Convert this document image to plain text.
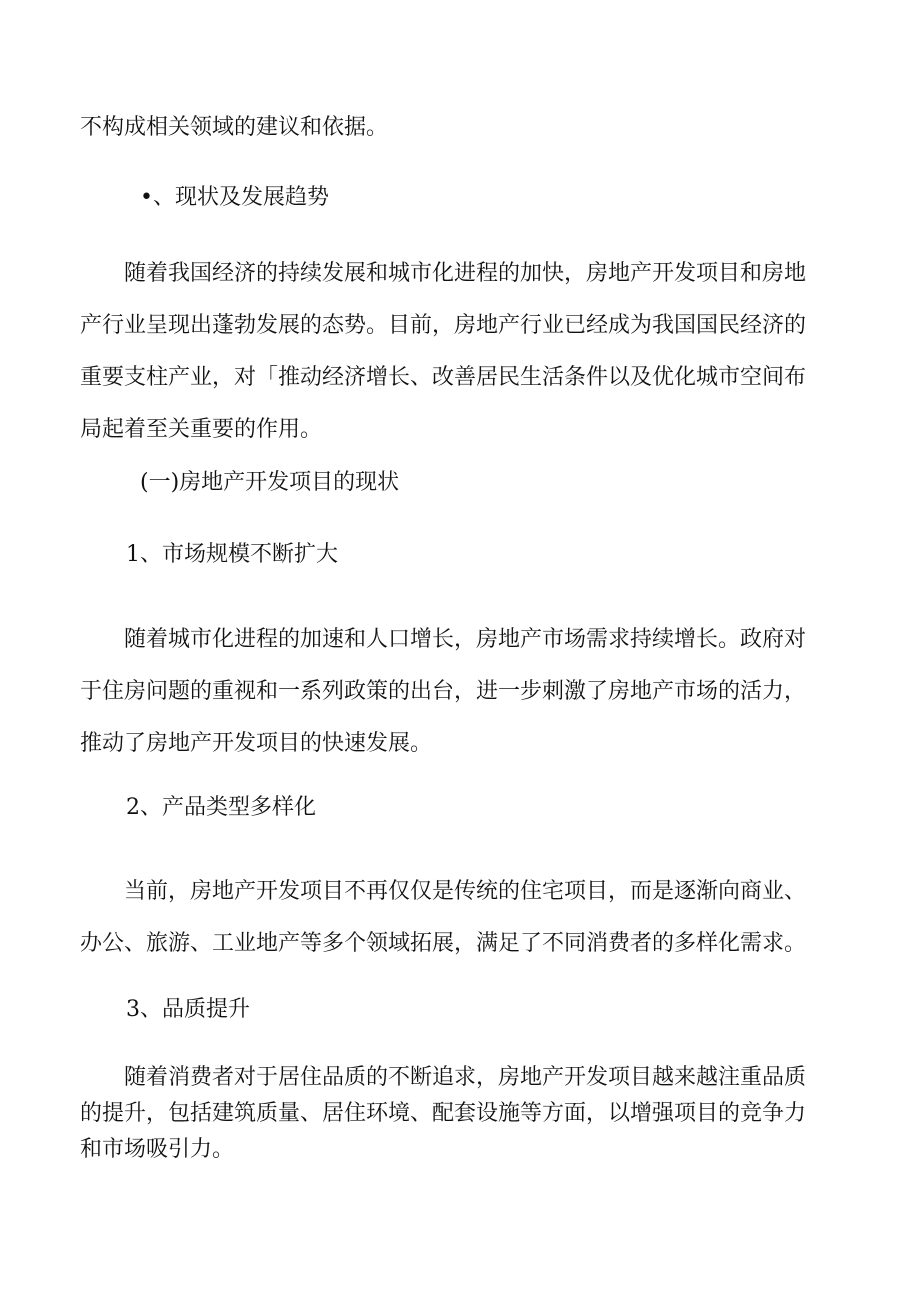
不构成相关领域的建议和依据。
•、现状及发展趋势
随着我国经济的持续发展和城市化进程的加快，房地产开发项目和房地
产行业呈现出蓬勃发展的态势。目前，房地产行业已经成为我国国民经济的
重要支柱产业，对「推动经济增长、改善居民生活条件以及优化城市空间布
局起着至关重要的作用。
(一)房地产开发项目的现状
1、市场规模不断扩大
随着城市化进程的加速和人口增长，房地产市场需求持续增长。政府对
于住房问题的重视和一系列政策的出台，进一步刺激了房地产市场的活力，
推动了房地产开发项目的快速发展。
2、产品类型多样化
当前，房地产开发项目不再仅仅是传统的住宅项目，而是逐渐向商业、
办公、旅游、工业地产等多个领域拓展，满足了不同消费者的多样化需求。
3、品质提升
随着消费者对于居住品质的不断追求，房地产开发项目越来越注重品质
的提升，包括建筑质量、居住环境、配套设施等方面，以增强项目的竞争力
和市场吸引力。
